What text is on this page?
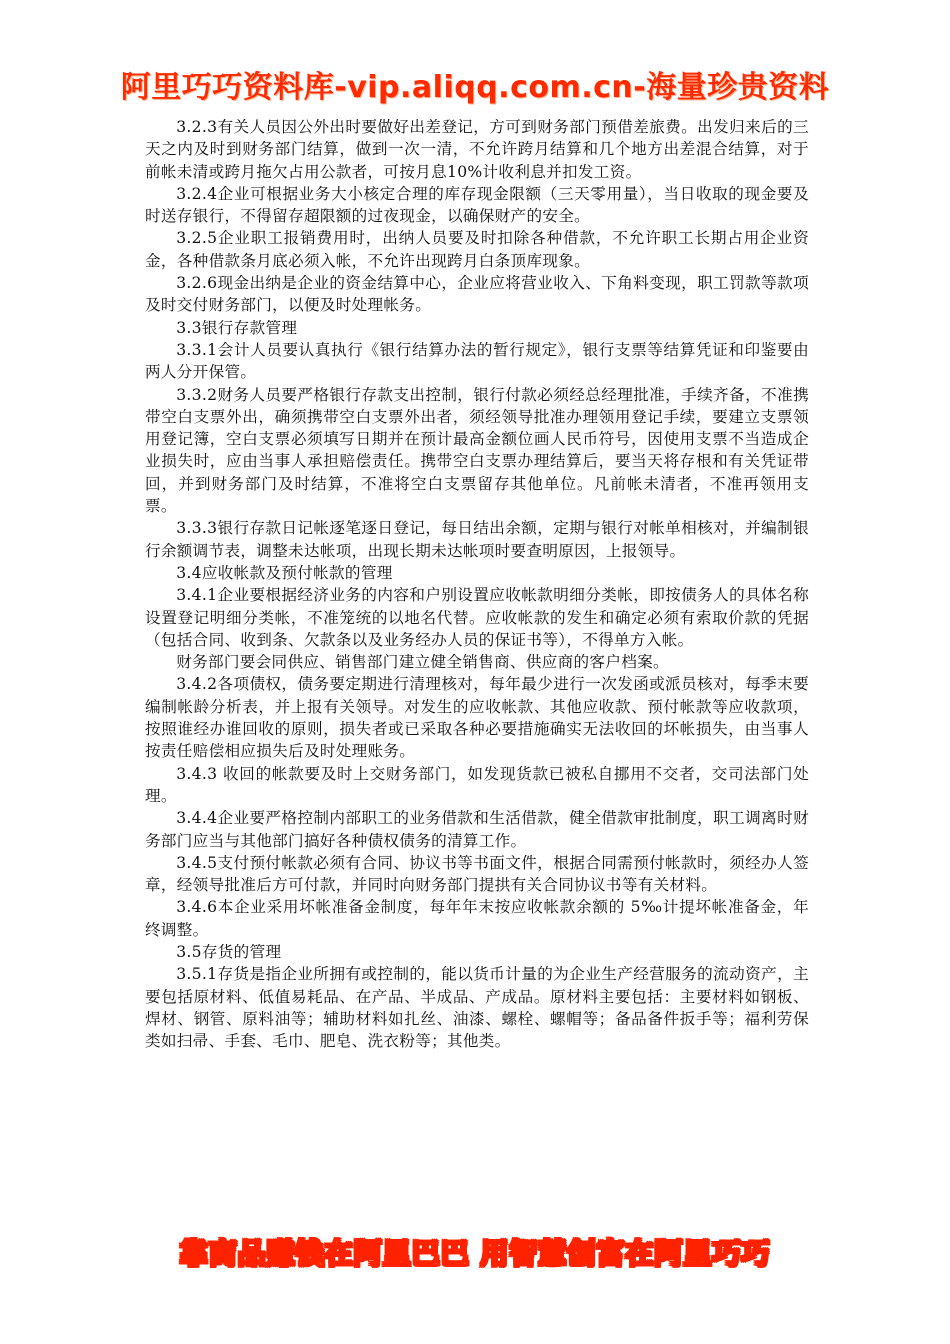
阿里巧巧资料库-vip.aliqq.com.cn-海量珍贵资料

3.2.3有关人员因公外出时要做好出差登记，方可到财务部门预借差旅费。出发归来后的三天之内及时到财务部门结算，做到一次一清，不允许跨月结算和几个地方出差混合结算，对于前帐未清或跨月拖欠占用公款者，可按月息10%计收利息并扣发工资。

3.2.4企业可根据业务大小核定合理的库存现金限额（三天零用量），当日收取的现金要及时送存银行，不得留存超限额的过夜现金，以确保财产的安全。

3.2.5企业职工报销费用时，出纳人员要及时扣除各种借款，不允许职工长期占用企业资金，各种借款条月底必须入帐，不允许出现跨月白条顶库现象。

3.2.6现金出纳是企业的资金结算中心，企业应将营业收入、下角料变现，职工罚款等款项及时交付财务部门，以便及时处理帐务。

3.3银行存款管理

3.3.1会计人员要认真执行《银行结算办法的暂行规定》，银行支票等结算凭证和印鉴要由两人分开保管。

3.3.2财务人员要严格银行存款支出控制，银行付款必须经总经理批准，手续齐备，不准携带空白支票外出，确须携带空白支票外出者，须经领导批准办理领用登记手续，要建立支票领用登记簿，空白支票必须填写日期并在预计最高金额位画人民币符号，因使用支票不当造成企业损失时，应由当事人承担赔偿责任。携带空白支票办理结算后，要当天将存根和有关凭证带回，并到财务部门及时结算，不准将空白支票留存其他单位。凡前帐未清者，不准再领用支票。

3.3.3银行存款日记帐逐笔逐日登记，每日结出余额，定期与银行对帐单相核对，并编制银行余额调节表，调整未达帐项，出现长期未达帐项时要查明原因，上报领导。

3.4应收帐款及预付帐款的管理

3.4.1企业要根据经济业务的内容和户别设置应收帐款明细分类帐，即按债务人的具体名称设置登记明细分类帐，不准笼统的以地名代替。应收帐款的发生和确定必须有索取价款的凭据（包括合同、收到条、欠款条以及业务经办人员的保证书等），不得单方入帐。

财务部门要会同供应、销售部门建立健全销售商、供应商的客户档案。

3.4.2各项债权，债务要定期进行清理核对，每年最少进行一次发函或派员核对，每季末要编制帐龄分析表，并上报有关领导。对发生的应收帐款、其他应收款、预付帐款等应收款项，按照谁经办谁回收的原则，损失者或已采取各种必要措施确实无法收回的坏帐损失，由当事人按责任赔偿相应损失后及时处理账务。

3.4.3 收回的帐款要及时上交财务部门，如发现货款已被私自挪用不交者，交司法部门处理。

3.4.4企业要严格控制内部职工的业务借款和生活借款，健全借款审批制度，职工调离时财务部门应当与其他部门搞好各种债权债务的清算工作。

3.4.5支付预付帐款必须有合同、协议书等书面文件，根据合同需预付帐款时，须经办人签章，经领导批准后方可付款，并同时向财务部门提拱有关合同协议书等有关材料。

3.4.6本企业采用坏帐准备金制度，每年年末按应收帐款余额的 5‰计提坏帐准备金，年终调整。

3.5存货的管理

3.5.1存货是指企业所拥有或控制的，能以货币计量的为企业生产经营服务的流动资产，主要包括原材料、低值易耗品、在产品、半成品、产成品。原材料主要包括：主要材料如钢板、焊材、钢管、原料油等；辅助材料如扎丝、油漆、螺栓、螺帽等；备品备件扳手等；福利劳保类如扫帚、手套、毛巾、肥皂、洗衣粉等；其他类。

靠商品赚钱在阿里巴巴 用智慧创富在阿里巧巧
